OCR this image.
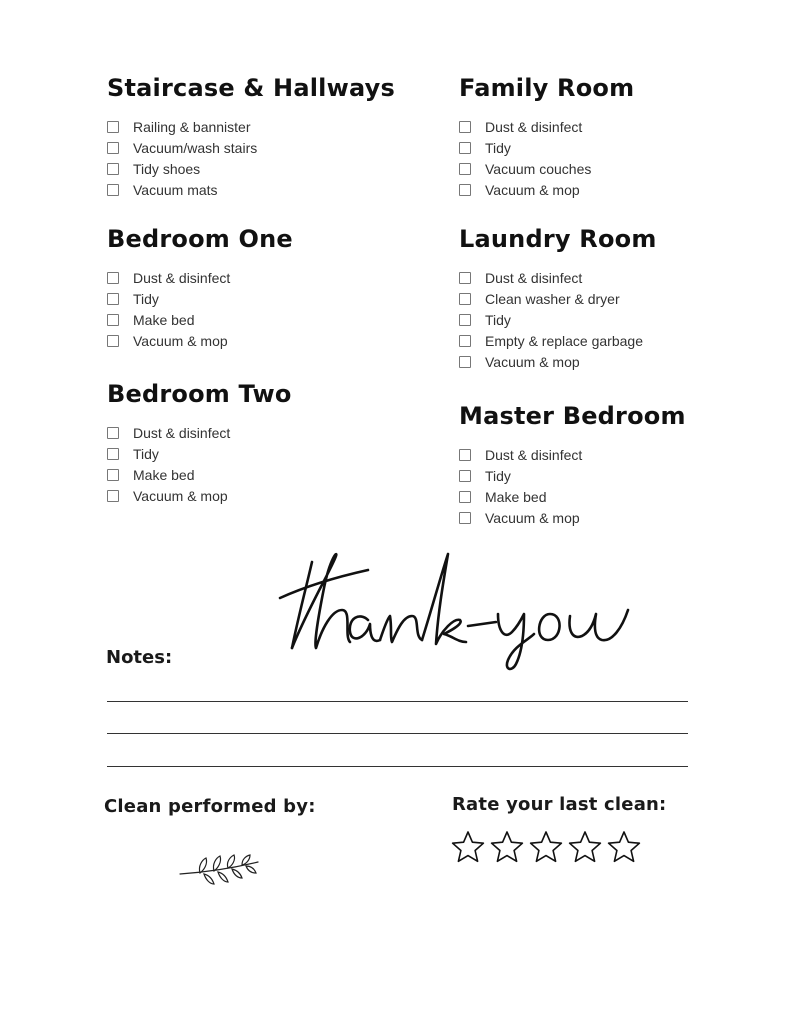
Staircase & Hallways
Railing & bannister
Vacuum/wash stairs
Tidy shoes
Vacuum mats
Family Room
Dust & disinfect
Tidy
Vacuum couches
Vacuum & mop
Bedroom One
Dust & disinfect
Tidy
Make bed
Vacuum & mop
Laundry Room
Dust & disinfect
Clean washer & dryer
Tidy
Empty & replace garbage
Vacuum & mop
Bedroom Two
Dust & disinfect
Tidy
Make bed
Vacuum & mop
Master Bedroom
Dust & disinfect
Tidy
Make bed
Vacuum & mop
Notes:
Clean performed by:	Rate your last clean:
